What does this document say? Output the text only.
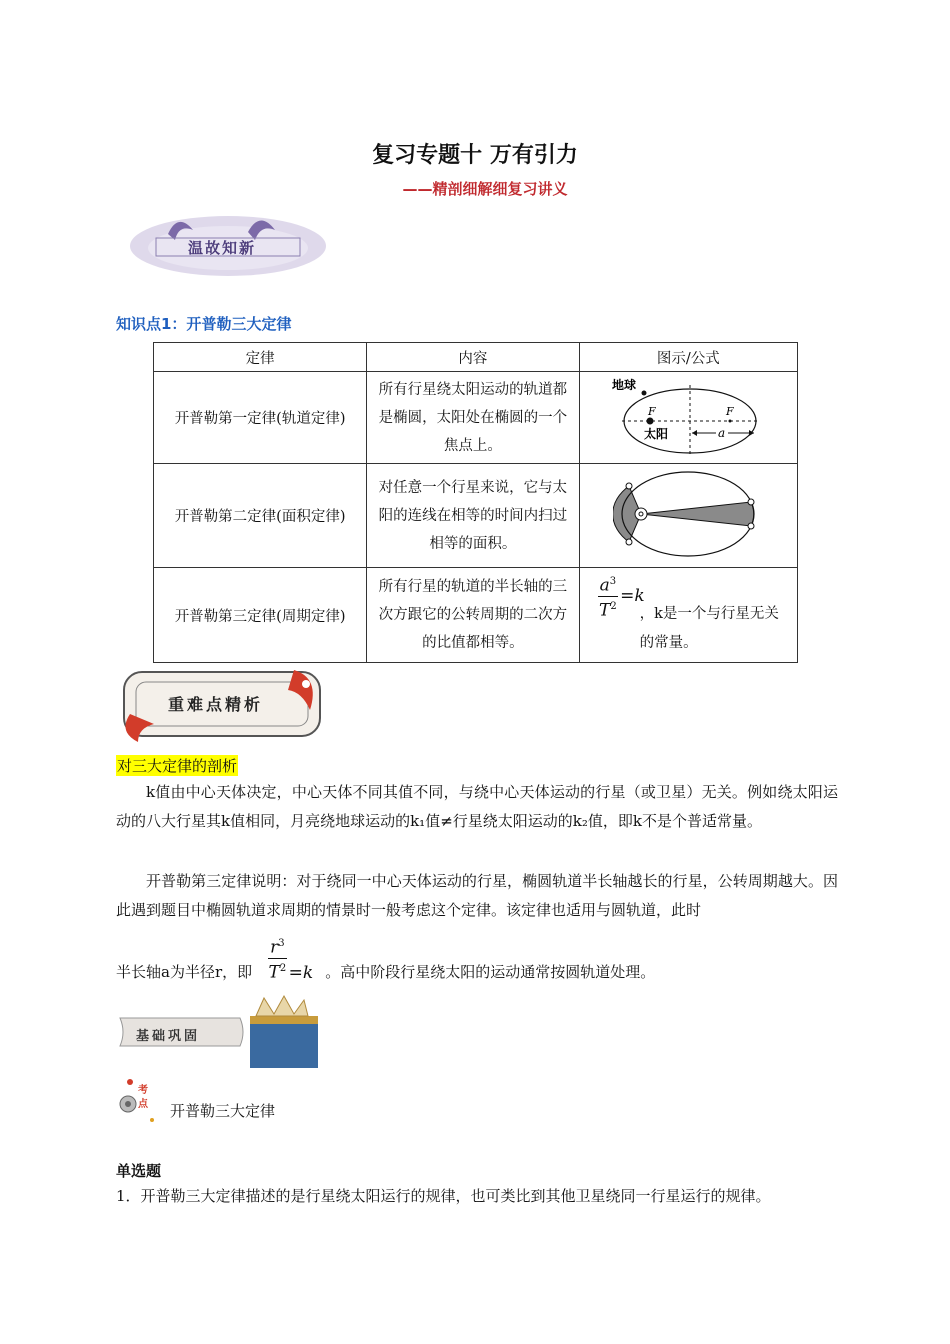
复习专题十 万有引力
——精剖细解细复习讲义
温故知新
知识点1：开普勒三大定律
定律	内容	图示/公式
开普勒第一定律(轨道定律)	所有行星绕太阳运动的轨道都是椭圆，太阳处在椭圆的一个焦点上。	地球
F F
太阳 a

开普勒第二定律(面积定律)	对任意一个行星来说，它与太阳的连线在相等的时间内扫过相等的面积。	
开普勒第三定律(周期定律)	所有行星的轨道的半长轴的三次方跟它的公转周期的二次方的比值都相等。	$\frac{a^3}{T^2} =k$
，k是一个与行星无关的常量。
重难点精析
对三大定律的剖析
k值由中心天体决定，中心天体不同其值不同，与绕中心天体运动的行星（或卫星）无关。例如绕太阳运动的八大行星其k值相同，月亮绕地球运动的k₁值≠行星绕太阳运动的k₂值，即k不是个普适常量。
开普勒第三定律说明：对于绕同一中心天体运动的行星，椭圆轨道半长轴越长的行星，公转周期越大。因此遇到题目中椭圆轨道求周期的情景时一般考虑这个定律。该定律也适用与圆轨道，此时
半长轴a为半径r，即 $\frac{r^3}{T^2} =k$ 。高中阶段行星绕太阳的运动通常按圆轨道处理。
基础巩固
考点 开普勒三大定律
单选题
1．开普勒三大定律描述的是行星绕太阳运行的规律，也可类比到其他卫星绕同一行星运行的规律。
